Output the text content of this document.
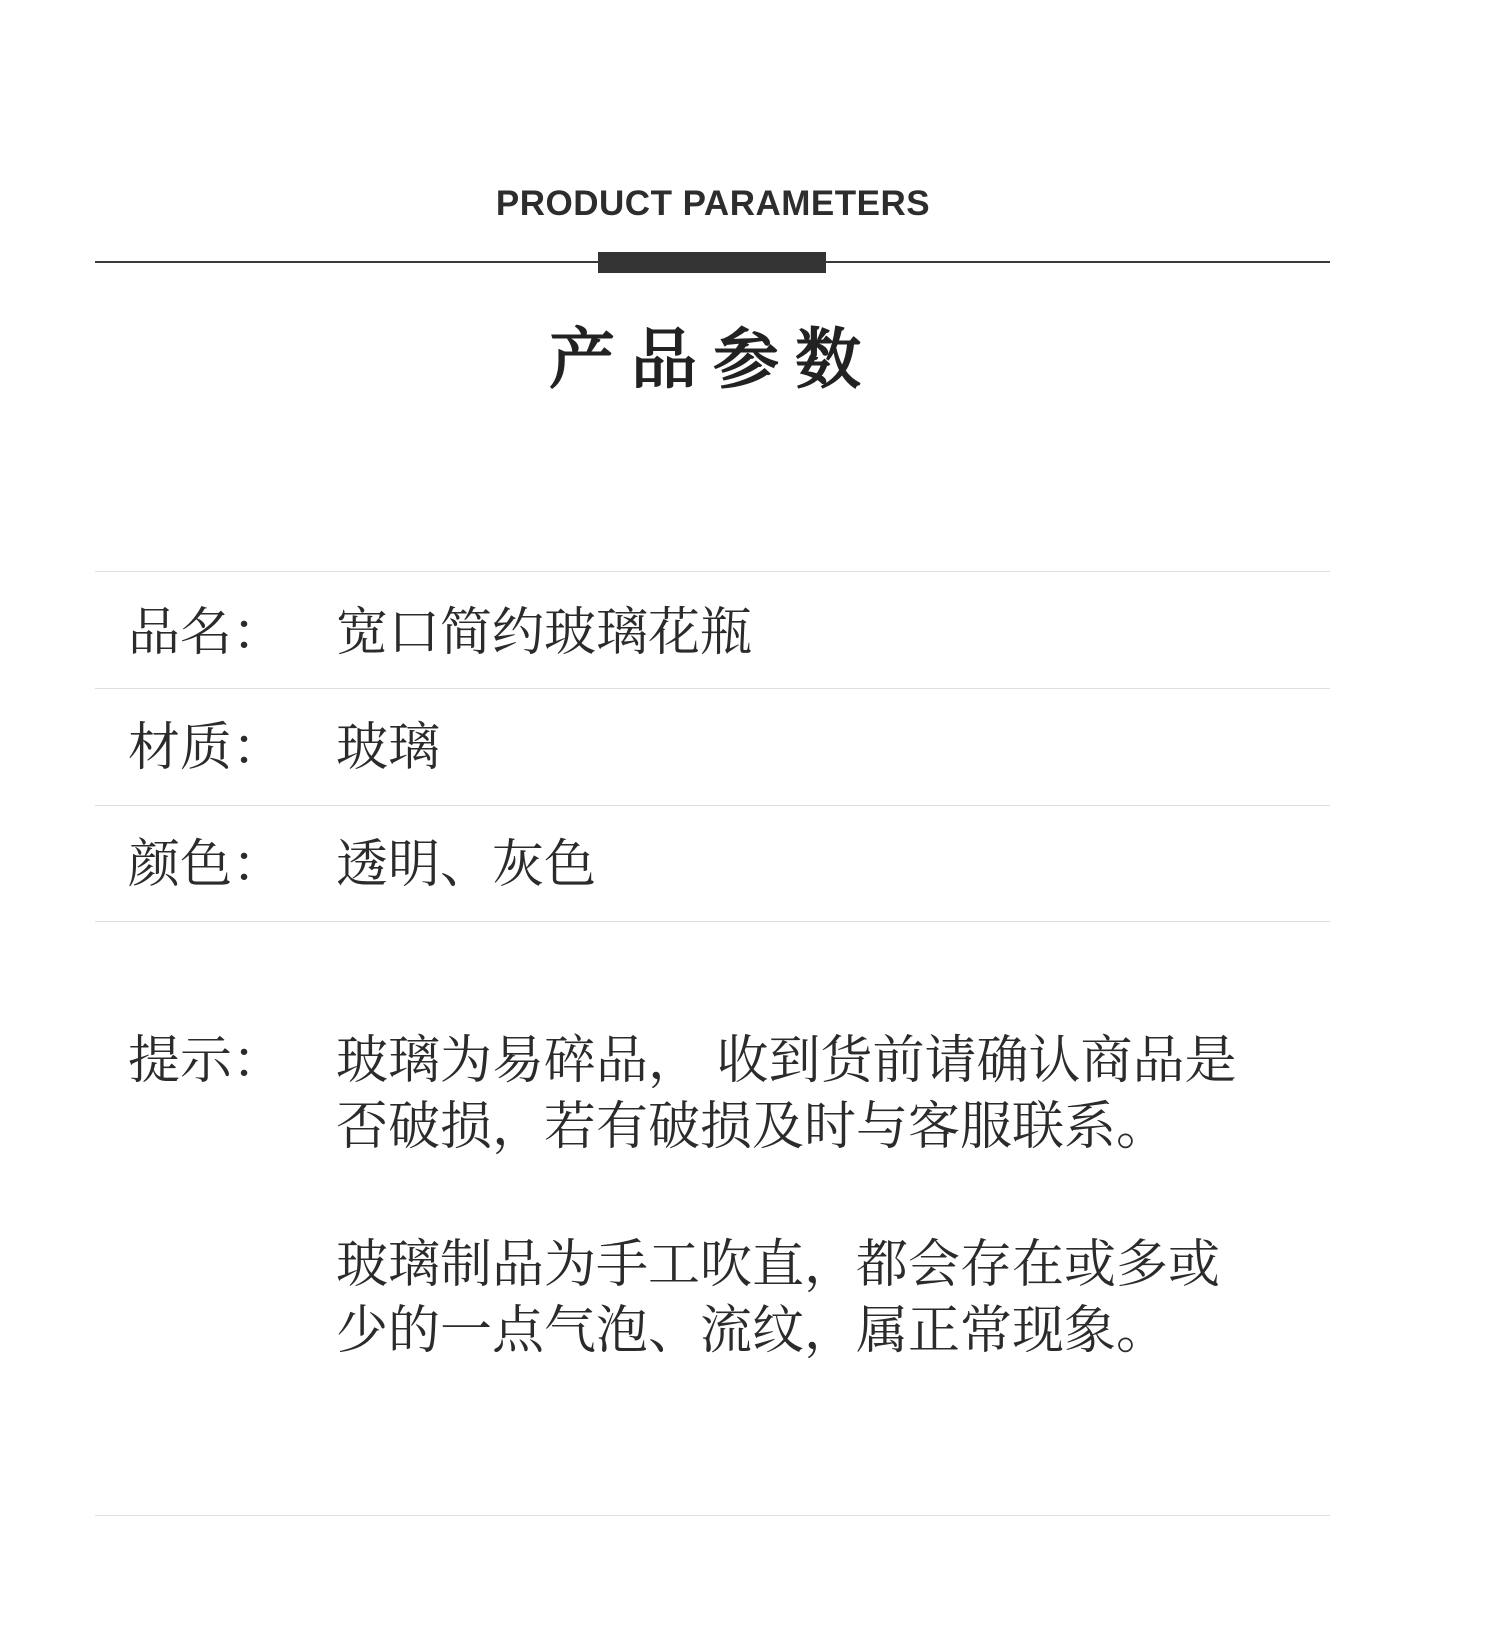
PRODUCT PARAMETERS
产品参数
品名： 宽口简约玻璃花瓶
材质： 玻璃
颜色： 透明、灰色
提示： 玻璃为易碎品， 收到货前请确认商品是
否破损，若有破损及时与客服联系。
玻璃制品为手工吹直，都会存在或多或
少的一点气泡、流纹，属正常现象。
